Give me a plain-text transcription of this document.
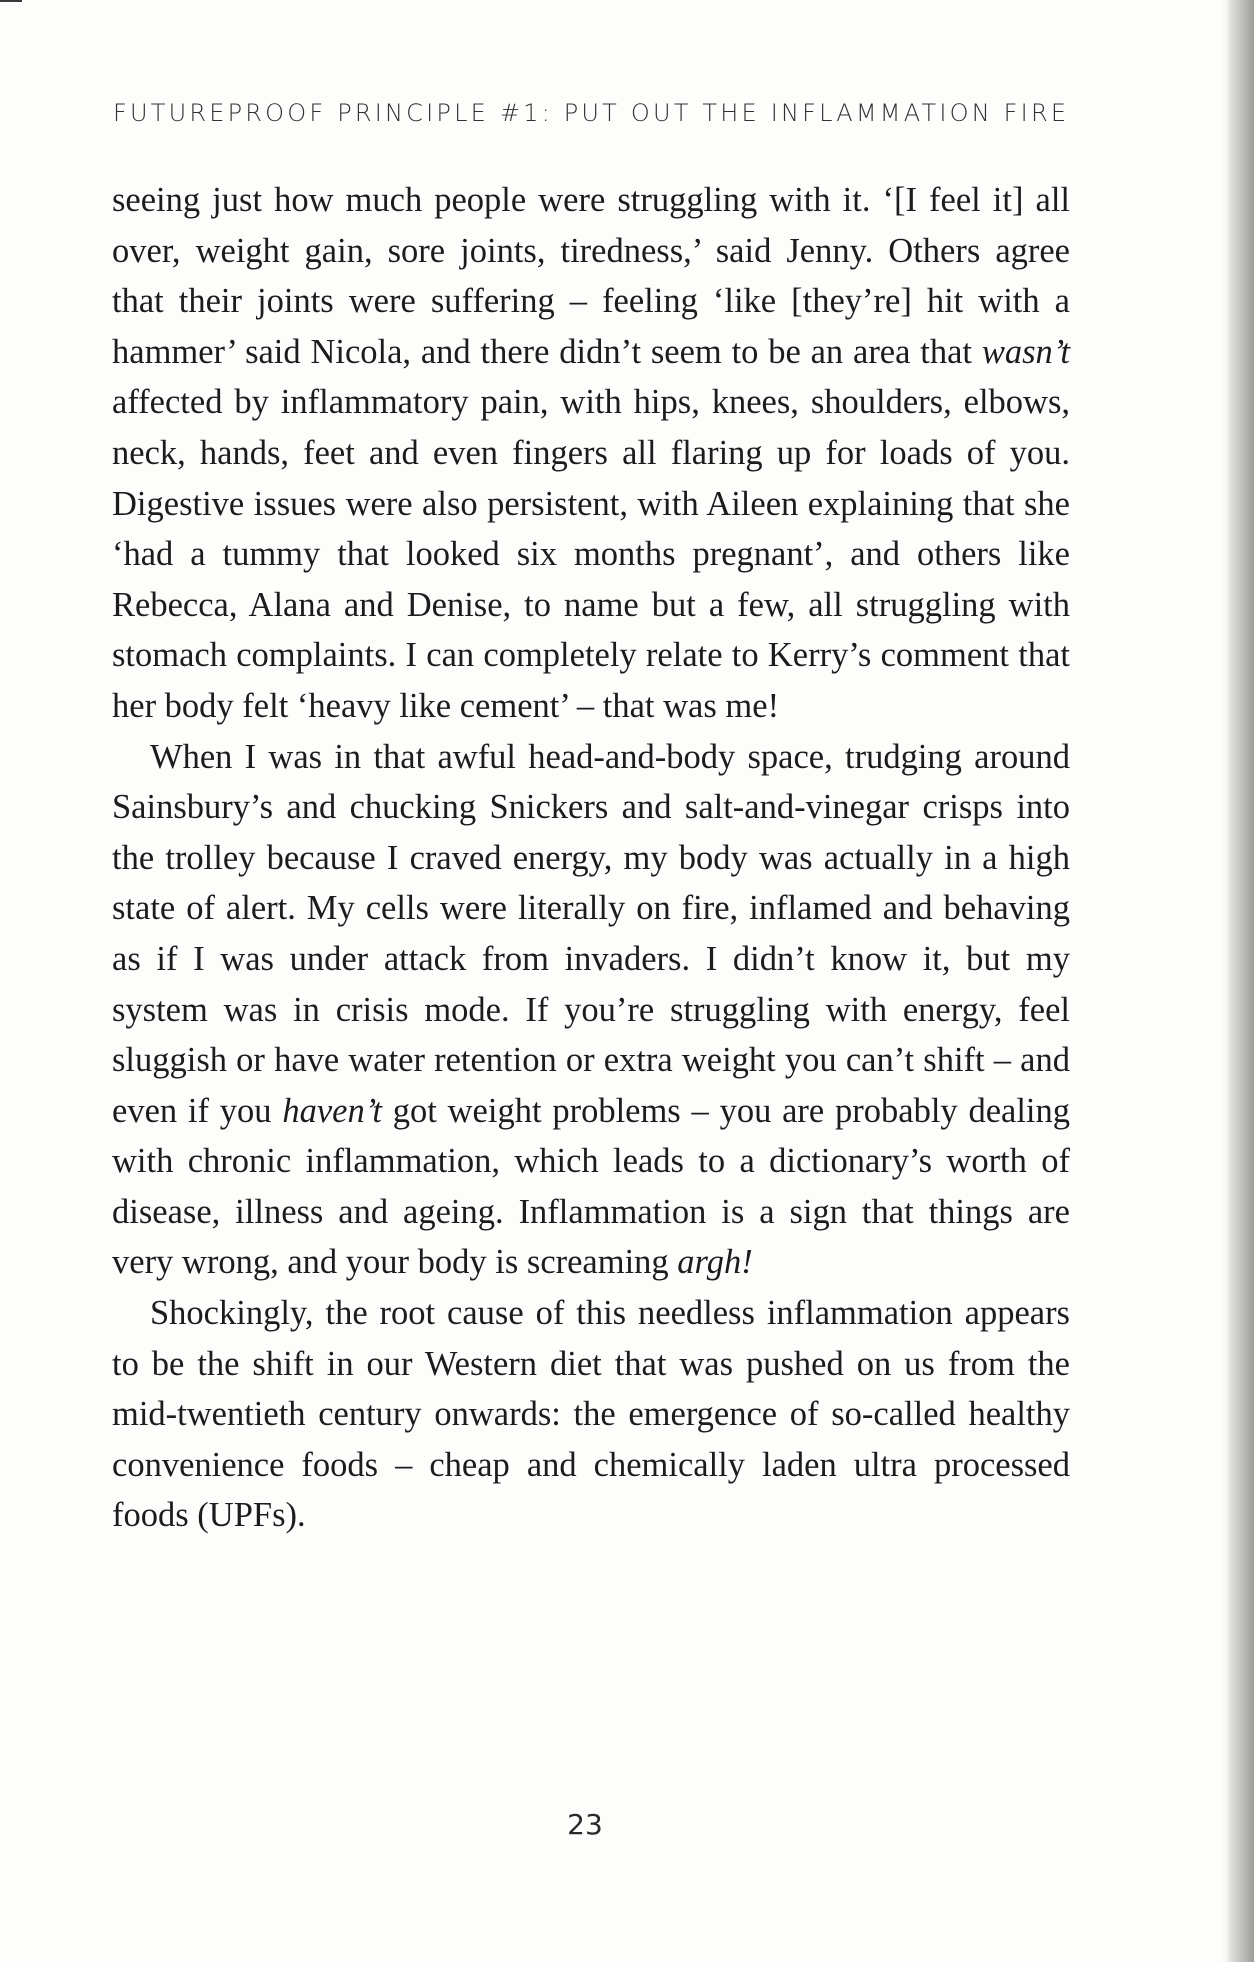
FUTUREPROOF PRINCIPLE #1: PUT OUT THE INFLAMMATION FIRE

seeing just how much people were struggling with it. ‘[I feel it] all over, weight gain, sore joints, tiredness,’ said Jenny. Others agree that their joints were suffering – feeling ‘like [they’re] hit with a hammer’ said Nicola, and there didn’t seem to be an area that wasn’t affected by inflammatory pain, with hips, knees, shoulders, elbows, neck, hands, feet and even fingers all flaring up for loads of you. Digestive issues were also persistent, with Aileen explaining that she ‘had a tummy that looked six months pregnant’, and others like Rebecca, Alana and Denise, to name but a few, all struggling with stomach complaints. I can completely relate to Kerry’s comment that her body felt ‘heavy like cement’ – that was me!

When I was in that awful head-and-body space, trudging around Sainsbury’s and chucking Snickers and salt-and-vinegar crisps into the trolley because I craved energy, my body was actually in a high state of alert. My cells were literally on fire, inflamed and behaving as if I was under attack from invaders. I didn’t know it, but my system was in crisis mode. If you’re struggling with energy, feel sluggish or have water retention or extra weight you can’t shift – and even if you haven’t got weight problems – you are probably dealing with chronic inflammation, which leads to a dictionary’s worth of disease, illness and ageing. Inflammation is a sign that things are very wrong, and your body is screaming argh!

Shockingly, the root cause of this needless inflammation appears to be the shift in our Western diet that was pushed on us from the mid-twentieth century onwards: the emergence of so-called healthy convenience foods – cheap and chemically laden ultra processed foods (UPFs).

23
